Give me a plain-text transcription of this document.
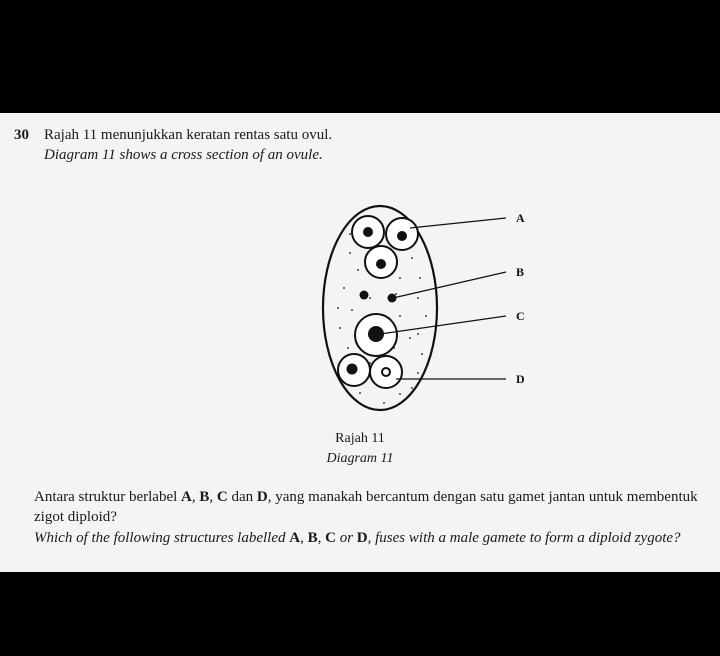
30 Rajah 11 menunjukkan keratan rentas satu ovul.
Diagram 11 shows a cross section of an ovule.
A
B
C
D
Rajah 11
Diagram 11
Antara struktur berlabel A, B, C dan D, yang manakah bercantum dengan satu gamet jantan untuk membentuk zigot diploid?
Which of the following structures labelled A, B, C or D, fuses with a male gamete to form a diploid zygote?
